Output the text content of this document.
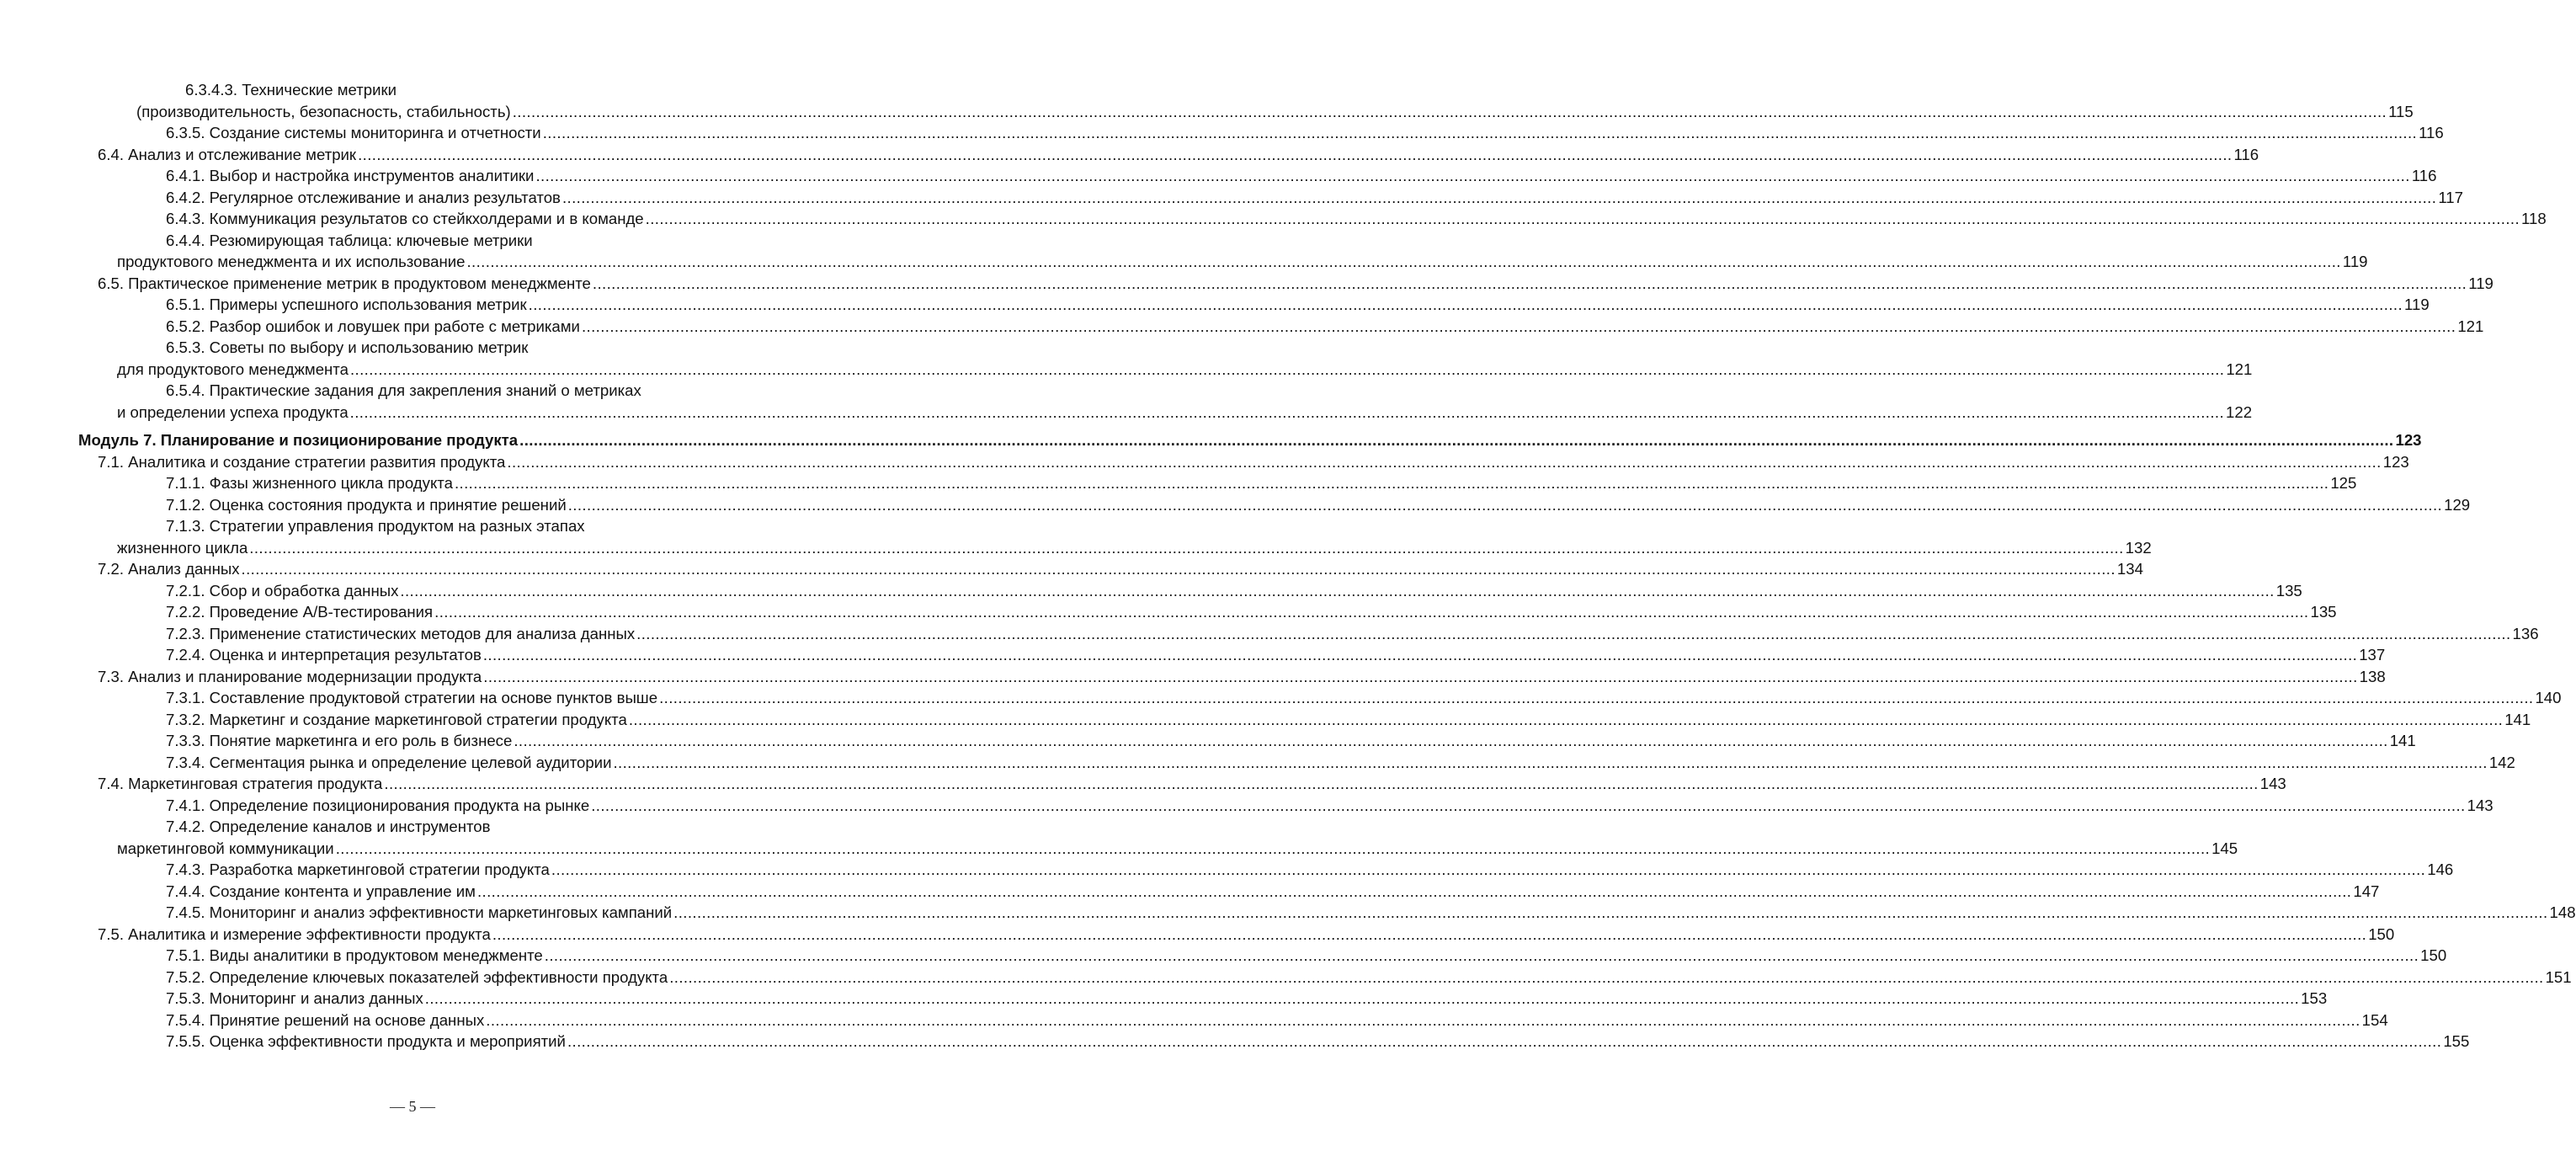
6.3.4.3. Технические метрики
(производительность, безопасность, стабильность) ................................................................................................................................................................................................................................................................................................................................................................................................................ 115
6.3.5. Создание системы мониторинга и отчетности ................................................................................................................................................................................................................................................................................................................................................................................................................ 116
6.4. Анализ и отслеживание метрик ................................................................................................................................................................................................................................................................................................................................................................................................................ 116
6.4.1. Выбор и настройка инструментов аналитики ................................................................................................................................................................................................................................................................................................................................................................................................................ 116
6.4.2. Регулярное отслеживание и анализ результатов ................................................................................................................................................................................................................................................................................................................................................................................................................ 117
6.4.3. Коммуникация результатов со стейкхолдерами и в команде ................................................................................................................................................................................................................................................................................................................................................................................................................ 118
6.4.4. Резюмирующая таблица: ключевые метрики
продуктового менеджмента и их использование ................................................................................................................................................................................................................................................................................................................................................................................................................ 119
6.5. Практическое применение метрик в продуктовом менеджменте ................................................................................................................................................................................................................................................................................................................................................................................................................ 119
6.5.1. Примеры успешного использования метрик ................................................................................................................................................................................................................................................................................................................................................................................................................ 119
6.5.2. Разбор ошибок и ловушек при работе с метриками ................................................................................................................................................................................................................................................................................................................................................................................................................ 121
6.5.3. Советы по выбору и использованию метрик
для продуктового менеджмента ................................................................................................................................................................................................................................................................................................................................................................................................................ 121
6.5.4. Практические задания для закрепления знаний о метриках
и определении успеха продукта ................................................................................................................................................................................................................................................................................................................................................................................................................ 122
Модуль 7. Планирование и позиционирование продукта ................................................................................................................................................................................................................................................................................................................................................................................................................ 123
7.1. Аналитика и создание стратегии развития продукта ................................................................................................................................................................................................................................................................................................................................................................................................................ 123
7.1.1. Фазы жизненного цикла продукта ................................................................................................................................................................................................................................................................................................................................................................................................................ 125
7.1.2. Оценка состояния продукта и принятие решений ................................................................................................................................................................................................................................................................................................................................................................................................................ 129
7.1.3. Стратегии управления продуктом на разных этапах
жизненного цикла ................................................................................................................................................................................................................................................................................................................................................................................................................ 132
7.2. Анализ данных ................................................................................................................................................................................................................................................................................................................................................................................................................ 134
7.2.1. Сбор и обработка данных ................................................................................................................................................................................................................................................................................................................................................................................................................ 135
7.2.2. Проведение A/B-тестирования ................................................................................................................................................................................................................................................................................................................................................................................................................ 135
7.2.3. Применение статистических методов для анализа данных ................................................................................................................................................................................................................................................................................................................................................................................................................ 136
7.2.4. Оценка и интерпретация результатов ................................................................................................................................................................................................................................................................................................................................................................................................................ 137
7.3. Анализ и планирование модернизации продукта ................................................................................................................................................................................................................................................................................................................................................................................................................ 138
7.3.1. Составление продуктовой стратегии на основе пунктов выше ................................................................................................................................................................................................................................................................................................................................................................................................................ 140
7.3.2. Маркетинг и создание маркетинговой стратегии продукта ................................................................................................................................................................................................................................................................................................................................................................................................................ 141
7.3.3. Понятие маркетинга и его роль в бизнесе ................................................................................................................................................................................................................................................................................................................................................................................................................ 141
7.3.4. Сегментация рынка и определение целевой аудитории ................................................................................................................................................................................................................................................................................................................................................................................................................ 142
7.4. Маркетинговая стратегия продукта ................................................................................................................................................................................................................................................................................................................................................................................................................ 143
7.4.1. Определение позиционирования продукта на рынке ................................................................................................................................................................................................................................................................................................................................................................................................................ 143
7.4.2. Определение каналов и инструментов
маркетинговой коммуникации ................................................................................................................................................................................................................................................................................................................................................................................................................ 145
7.4.3. Разработка маркетинговой стратегии продукта ................................................................................................................................................................................................................................................................................................................................................................................................................ 146
7.4.4. Создание контента и управление им ................................................................................................................................................................................................................................................................................................................................................................................................................ 147
7.4.5. Мониторинг и анализ эффективности маркетинговых кампаний ................................................................................................................................................................................................................................................................................................................................................................................................................ 148
7.5. Аналитика и измерение эффективности продукта ................................................................................................................................................................................................................................................................................................................................................................................................................ 150
7.5.1. Виды аналитики в продуктовом менеджменте ................................................................................................................................................................................................................................................................................................................................................................................................................ 150
7.5.2. Определение ключевых показателей эффективности продукта ................................................................................................................................................................................................................................................................................................................................................................................................................ 151
7.5.3. Мониторинг и анализ данных ................................................................................................................................................................................................................................................................................................................................................................................................................ 153
7.5.4. Принятие решений на основе данных ................................................................................................................................................................................................................................................................................................................................................................................................................ 154
7.5.5. Оценка эффективности продукта и мероприятий ................................................................................................................................................................................................................................................................................................................................................................................................................ 155
— 5 —
